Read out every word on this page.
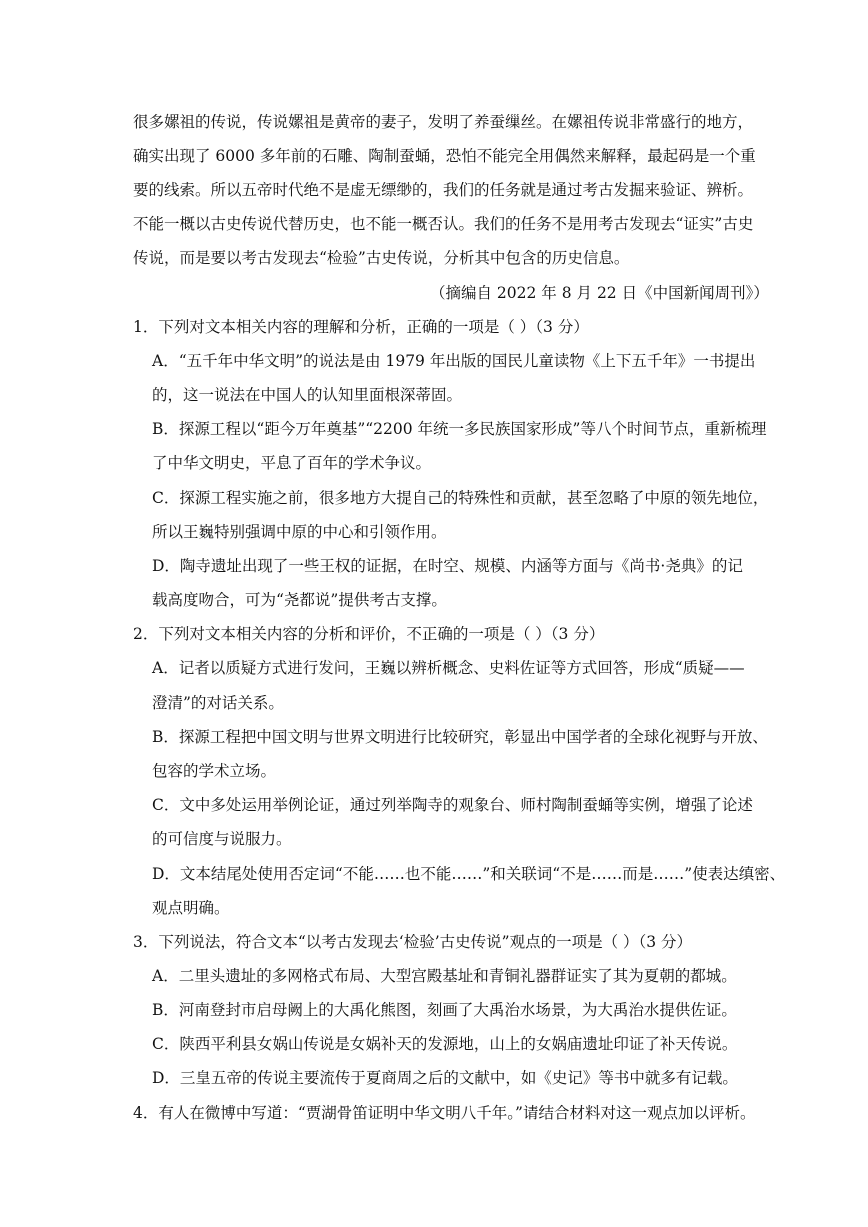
很多嫘祖的传说，传说嫘祖是黄帝的妻子，发明了养蚕缫丝。在嫘祖传说非常盛行的地方，
确实出现了 6000 多年前的石雕、陶制蚕蛹，恐怕不能完全用偶然来解释，最起码是一个重
要的线索。所以五帝时代绝不是虚无缥缈的，我们的任务就是通过考古发掘来验证、辨析。
不能一概以古史传说代替历史，也不能一概否认。我们的任务不是用考古发现去“证实”古史
传说，而是要以考古发现去“检验”古史传说，分析其中包含的历史信息。
（摘编自 2022 年 8 月 22 日《中国新闻周刊》）
1．下列对文本相关内容的理解和分析，正确的一项是（ ）（3 分）
A．“五千年中华文明”的说法是由 1979 年出版的国民儿童读物《上下五千年》一书提出
的，这一说法在中国人的认知里面根深蒂固。
B．探源工程以“距今万年奠基”“2200 年统一多民族国家形成”等八个时间节点，重新梳理
了中华文明史，平息了百年的学术争议。
C．探源工程实施之前，很多地方大提自己的特殊性和贡献，甚至忽略了中原的领先地位，
所以王巍特别强调中原的中心和引领作用。
D．陶寺遗址出现了一些王权的证据，在时空、规模、内涵等方面与《尚书·尧典》的记
载高度吻合，可为“尧都说”提供考古支撑。
2．下列对文本相关内容的分析和评价，不正确的一项是（ ）（3 分）
A．记者以质疑方式进行发问，王巍以辨析概念、史料佐证等方式回答，形成“质疑——
澄清”的对话关系。
B．探源工程把中国文明与世界文明进行比较研究，彰显出中国学者的全球化视野与开放、
包容的学术立场。
C．文中多处运用举例论证，通过列举陶寺的观象台、师村陶制蚕蛹等实例，增强了论述
的可信度与说服力。
D．文本结尾处使用否定词“不能……也不能……”和关联词“不是……而是……”使表达缜密、
观点明确。
3．下列说法，符合文本“以考古发现去‘检验’古史传说”观点的一项是（ ）（3 分）
A．二里头遗址的多网格式布局、大型宫殿基址和青铜礼器群证实了其为夏朝的都城。
B．河南登封市启母阙上的大禹化熊图，刻画了大禹治水场景，为大禹治水提供佐证。
C．陕西平利县女娲山传说是女娲补天的发源地，山上的女娲庙遗址印证了补天传说。
D．三皇五帝的传说主要流传于夏商周之后的文献中，如《史记》等书中就多有记载。
4．有人在微博中写道：“贾湖骨笛证明中华文明八千年。”请结合材料对这一观点加以评析。
